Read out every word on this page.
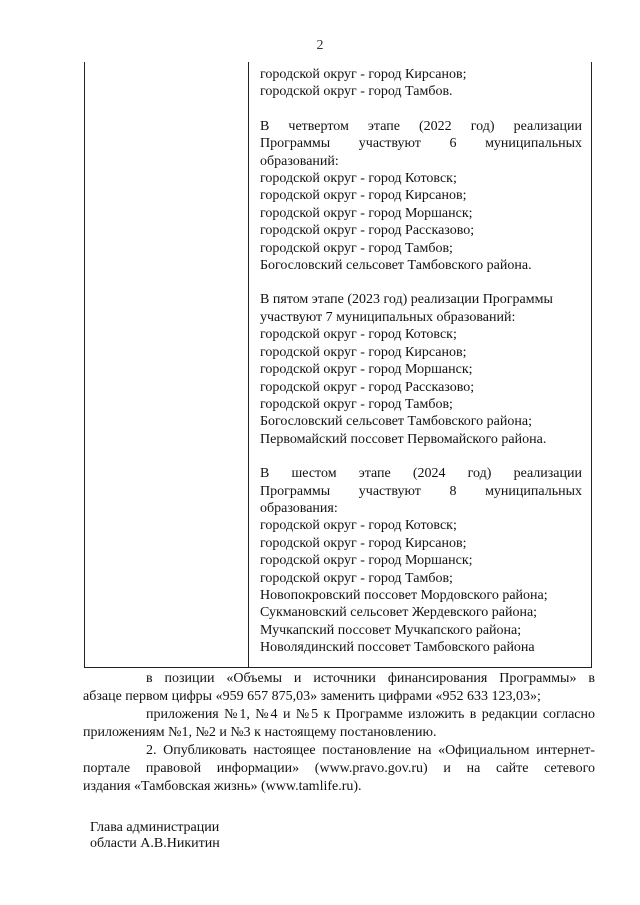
2

городской округ - город Кирсанов;

городской округ - город Тамбов.

В четвертом этапе (2022 год) реализации

Программы участвуют 6 муниципальных

образований:

городской округ - город Котовск;

городской округ - город Кирсанов;

городской округ - город Моршанск;

городской округ - город Рассказово;

городской округ - город Тамбов;

Богословский сельсовет Тамбовского района.

В пятом этапе (2023 год) реализации Программы

участвуют 7 муниципальных образований:

городской округ - город Котовск;

городской округ - город Кирсанов;

городской округ - город Моршанск;

городской округ - город Рассказово;

городской округ - город Тамбов;

Богословский сельсовет Тамбовского района;

Первомайский поссовет Первомайского района.

В шестом этапе (2024 год) реализации

Программы участвуют 8 муниципальных

образования:

городской округ - город Котовск;

городской округ - город Кирсанов;

городской округ - город Моршанск;

городской округ - город Тамбов;

Новопокровский поссовет Мордовского района;

Сукмановский сельсовет Жердевского района;

Мучкапский поссовет Мучкапского района;

Новолядинский поссовет Тамбовского района

в позиции «Объемы и источники финансирования Программы» в

абзаце первом цифры «959 657 875,03» заменить цифрами «952 633 123,03»;

приложения №1, №4 и №5 к Программе изложить в редакции согласно

приложениям №1, №2 и №3 к настоящему постановлению.

2. Опубликовать настоящее постановление на «Официальном интернет-

портале правовой информации» (www.pravo.gov.ru) и на сайте сетевого

издания «Тамбовская жизнь» (www.tamlife.ru).

Глава администрации
области А.В.Никитин
